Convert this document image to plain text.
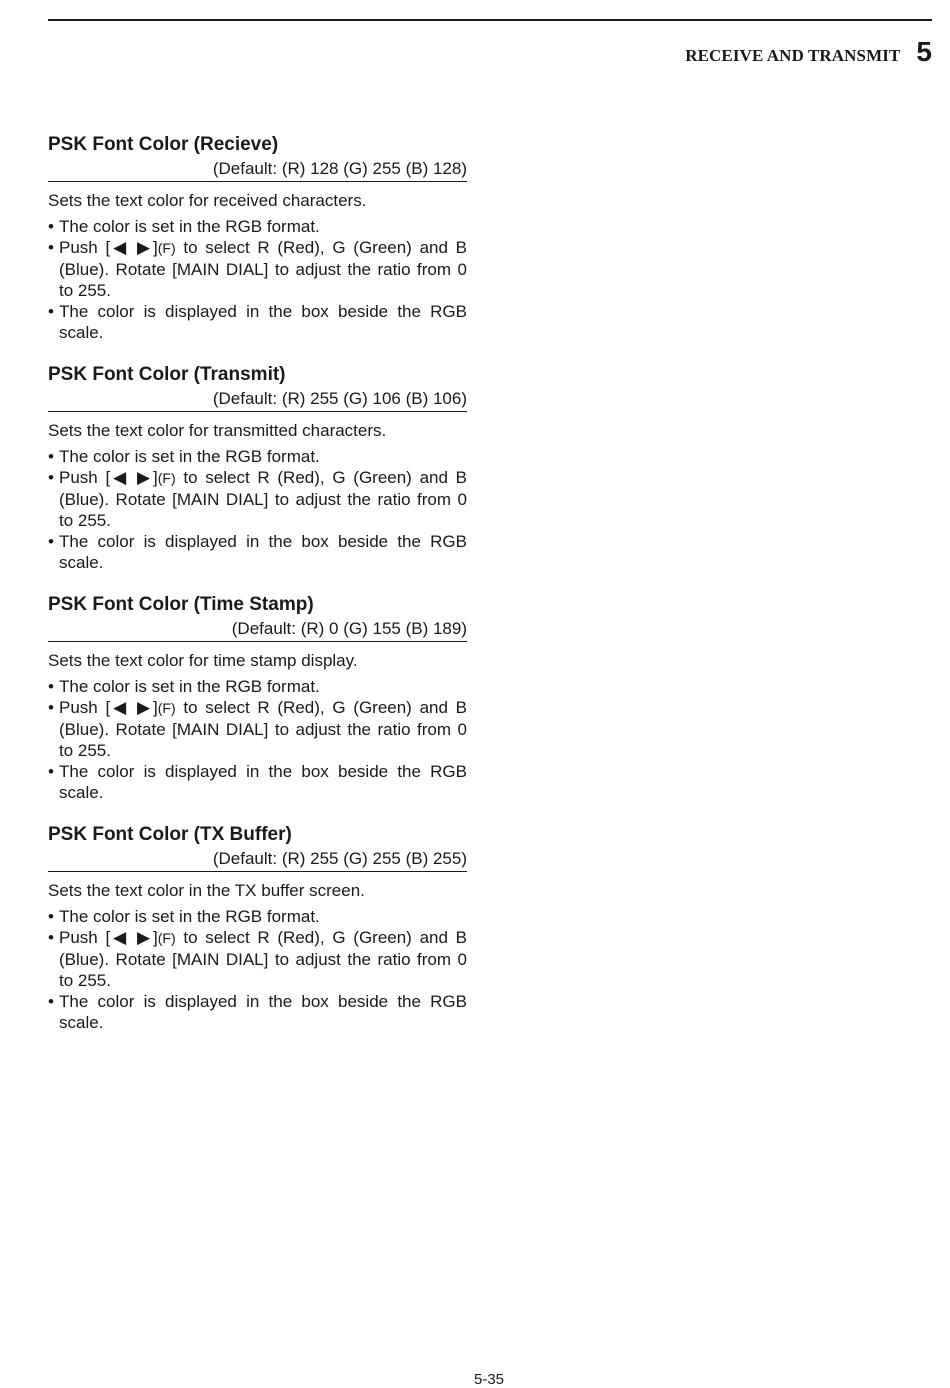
RECEIVE AND TRANSMIT 5
PSK Font Color (Recieve)
(Default: (R) 128 (G) 255 (B) 128)
Sets the text color for received characters.
• The color is set in the RGB format.
• Push [◀ ▶](F) to select R (Red), G (Green) and B (Blue). Rotate [MAIN DIAL] to adjust the ratio from 0 to 255.
• The color is displayed in the box beside the RGB scale.
PSK Font Color (Transmit)
(Default: (R) 255 (G) 106 (B) 106)
Sets the text color for transmitted characters.
• The color is set in the RGB format.
• Push [◀ ▶](F) to select R (Red), G (Green) and B (Blue). Rotate [MAIN DIAL] to adjust the ratio from 0 to 255.
• The color is displayed in the box beside the RGB scale.
PSK Font Color (Time Stamp)
(Default: (R) 0 (G) 155 (B) 189)
Sets the text color for time stamp display.
• The color is set in the RGB format.
• Push [◀ ▶](F) to select R (Red), G (Green) and B (Blue). Rotate [MAIN DIAL] to adjust the ratio from 0 to 255.
• The color is displayed in the box beside the RGB scale.
PSK Font Color (TX Buffer)
(Default: (R) 255 (G) 255 (B) 255)
Sets the text color in the TX buffer screen.
• The color is set in the RGB format.
• Push [◀ ▶](F) to select R (Red), G (Green) and B (Blue). Rotate [MAIN DIAL] to adjust the ratio from 0 to 255.
• The color is displayed in the box beside the RGB scale.
5-35
